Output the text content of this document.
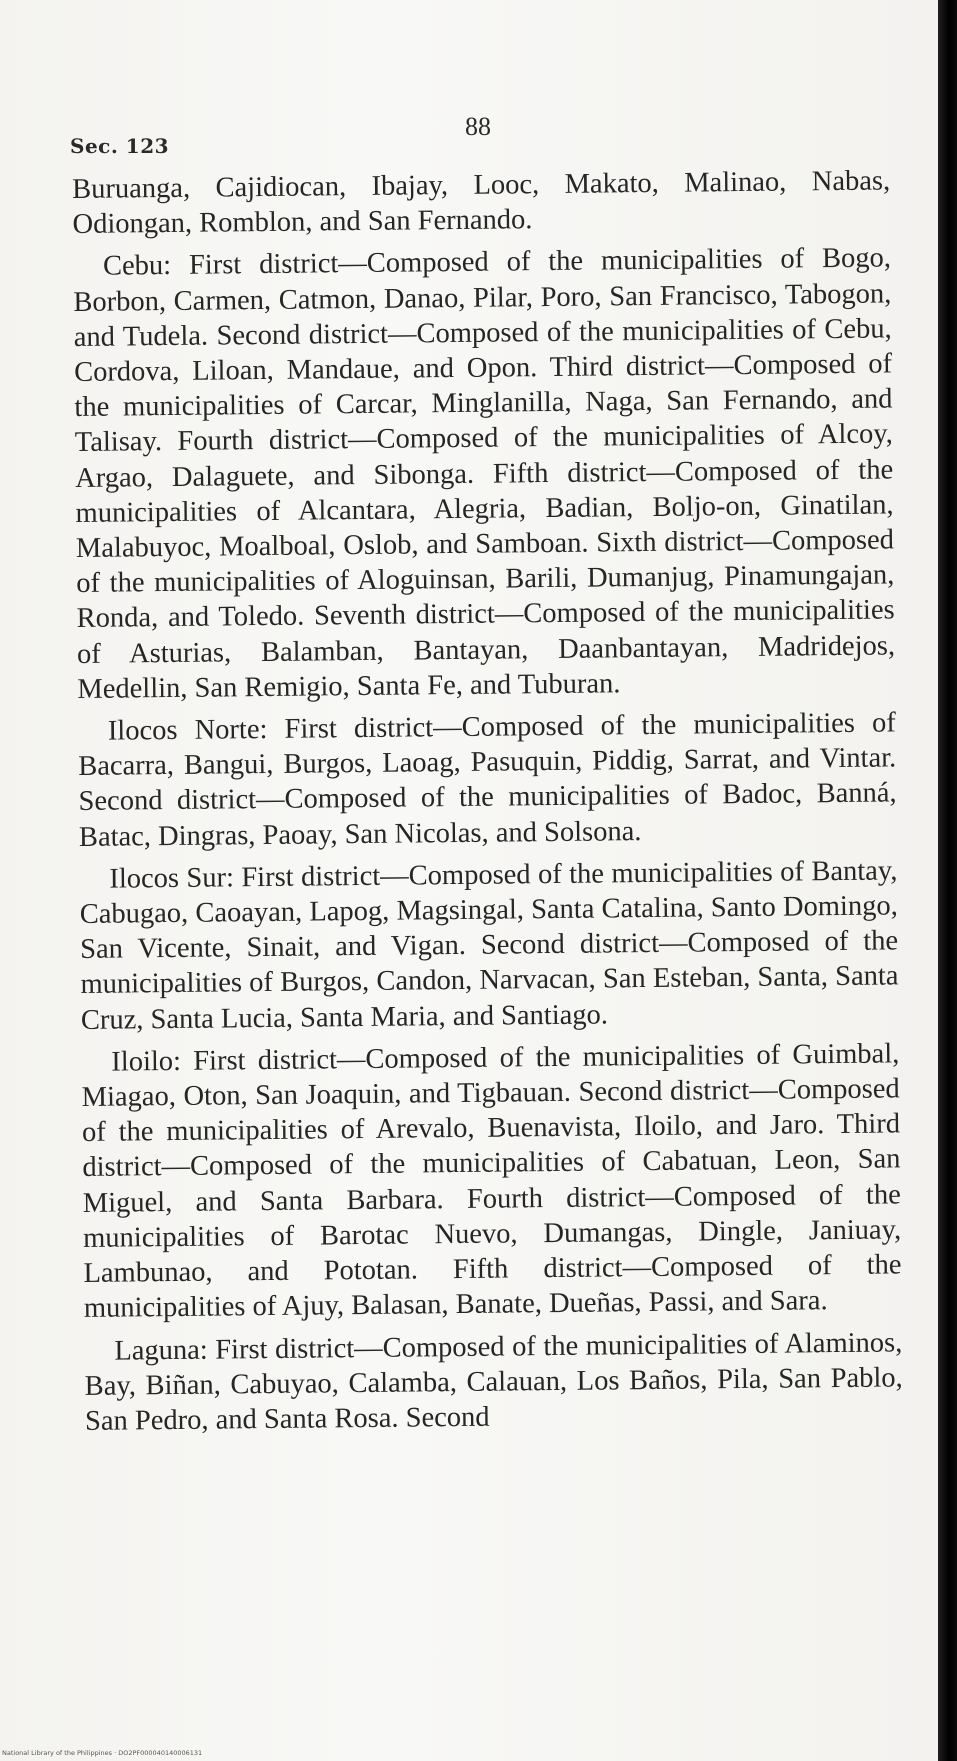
Sec. 123
88

Buruanga, Cajidiocan, Ibajay, Looc, Makato, Malinao, Nabas, Odiongan, Romblon, and San Fernando.

Cebu: First district—Composed of the municipalities of Bogo, Borbon, Carmen, Catmon, Danao, Pilar, Poro, San Francisco, Tabogon, and Tudela. Second district—Composed of the municipalities of Cebu, Cordova, Liloan, Mandaue, and Opon. Third district—Composed of the municipalities of Carcar, Minglanilla, Naga, San Fernando, and Talisay. Fourth district—Composed of the municipalities of Alcoy, Argao, Dalaguete, and Sibonga. Fifth district—Composed of the municipalities of Alcantara, Alegria, Badian, Boljo-on, Ginatilan, Malabuyoc, Moalboal, Oslob, and Samboan. Sixth district—Composed of the municipalities of Aloguinsan, Barili, Dumanjug, Pinamungajan, Ronda, and Toledo. Seventh district—Composed of the municipalities of Asturias, Balamban, Bantayan, Daanbantayan, Madridejos, Medellin, San Remigio, Santa Fe, and Tuburan.

Ilocos Norte: First district—Composed of the municipalities of Bacarra, Bangui, Burgos, Laoag, Pasuquin, Piddig, Sarrat, and Vintar. Second district—Composed of the municipalities of Badoc, Banná, Batac, Dingras, Paoay, San Nicolas, and Solsona.

Ilocos Sur: First district—Composed of the municipalities of Bantay, Cabugao, Caoayan, Lapog, Magsingal, Santa Catalina, Santo Domingo, San Vicente, Sinait, and Vigan. Second district—Composed of the municipalities of Burgos, Candon, Narvacan, San Esteban, Santa, Santa Cruz, Santa Lucia, Santa Maria, and Santiago.

Iloilo: First district—Composed of the municipalities of Guimbal, Miagao, Oton, San Joaquin, and Tigbauan. Second district—Composed of the municipalities of Arevalo, Buenavista, Iloilo, and Jaro. Third district—Composed of the municipalities of Cabatuan, Leon, San Miguel, and Santa Barbara. Fourth district—Composed of the municipalities of Barotac Nuevo, Dumangas, Dingle, Janiuay, Lambunao, and Pototan. Fifth district—Composed of the municipalities of Ajuy, Balasan, Banate, Dueñas, Passi, and Sara.

Laguna: First district—Composed of the municipalities of Alaminos, Bay, Biñan, Cabuyao, Calamba, Calauan, Los Baños, Pila, San Pablo, San Pedro, and Santa Rosa. Second

National Library of the Philippines · DO2PF000040140006131
